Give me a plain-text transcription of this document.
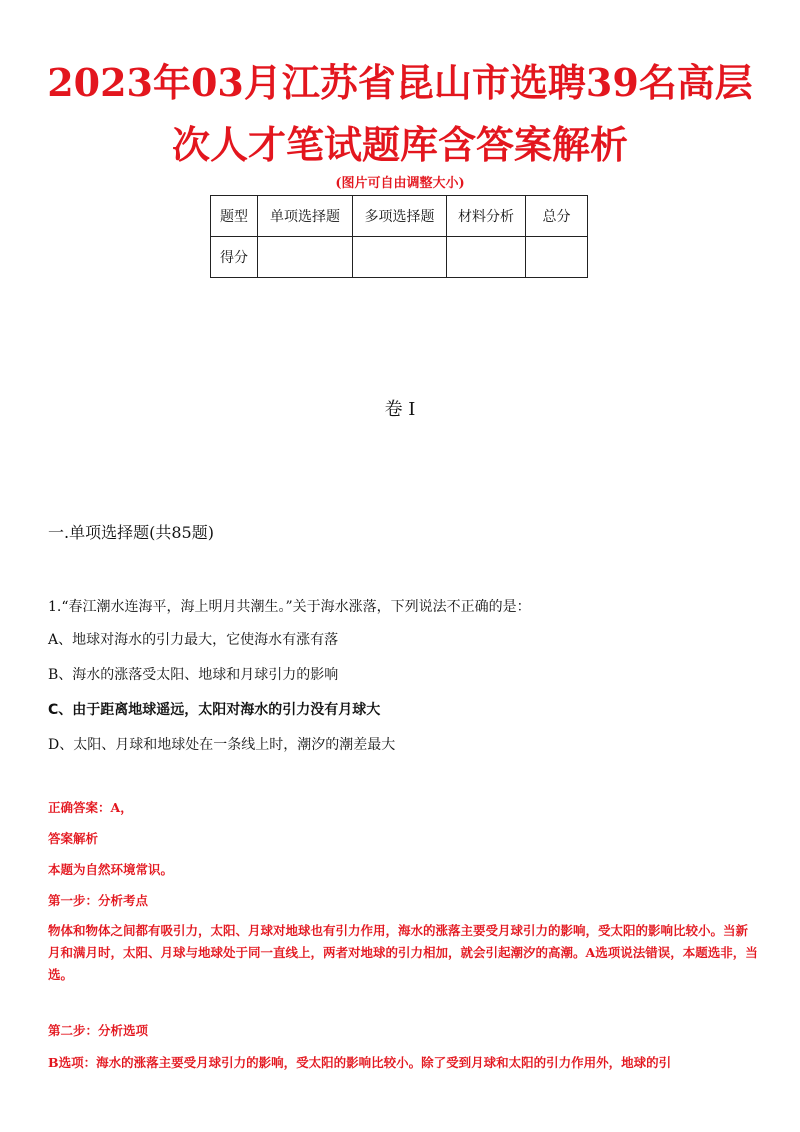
2023年03月江苏省昆山市选聘39名高层
次人才笔试题库含答案解析
(图片可自由调整大小)
题型	单项选择题	多项选择题	材料分析	总分
得分				
卷 I
一.单项选择题(共85题)
1.“春江潮水连海平，海上明月共潮生。”关于海水涨落，下列说法不正确的是：
A、地球对海水的引力最大，它使海水有涨有落
B、海水的涨落受太阳、地球和月球引力的影响
C、由于距离地球遥远，太阳对海水的引力没有月球大
D、太阳、月球和地球处在一条线上时，潮汐的潮差最大
正确答案：A，
答案解析
本题为自然环境常识。
第一步：分析考点
物体和物体之间都有吸引力，太阳、月球对地球也有引力作用，海水的涨落主要受月球引力的影响，受太阳的影响比较小。当新月和满月时，太阳、月球与地球处于同一直线上，两者对地球的引力相加，就会引起潮汐的高潮。A选项说法错误，本题选非，当选。
第二步：分析选项
B选项：海水的涨落主要受月球引力的影响，受太阳的影响比较小。除了受到月球和太阳的引力作用外，地球的引
